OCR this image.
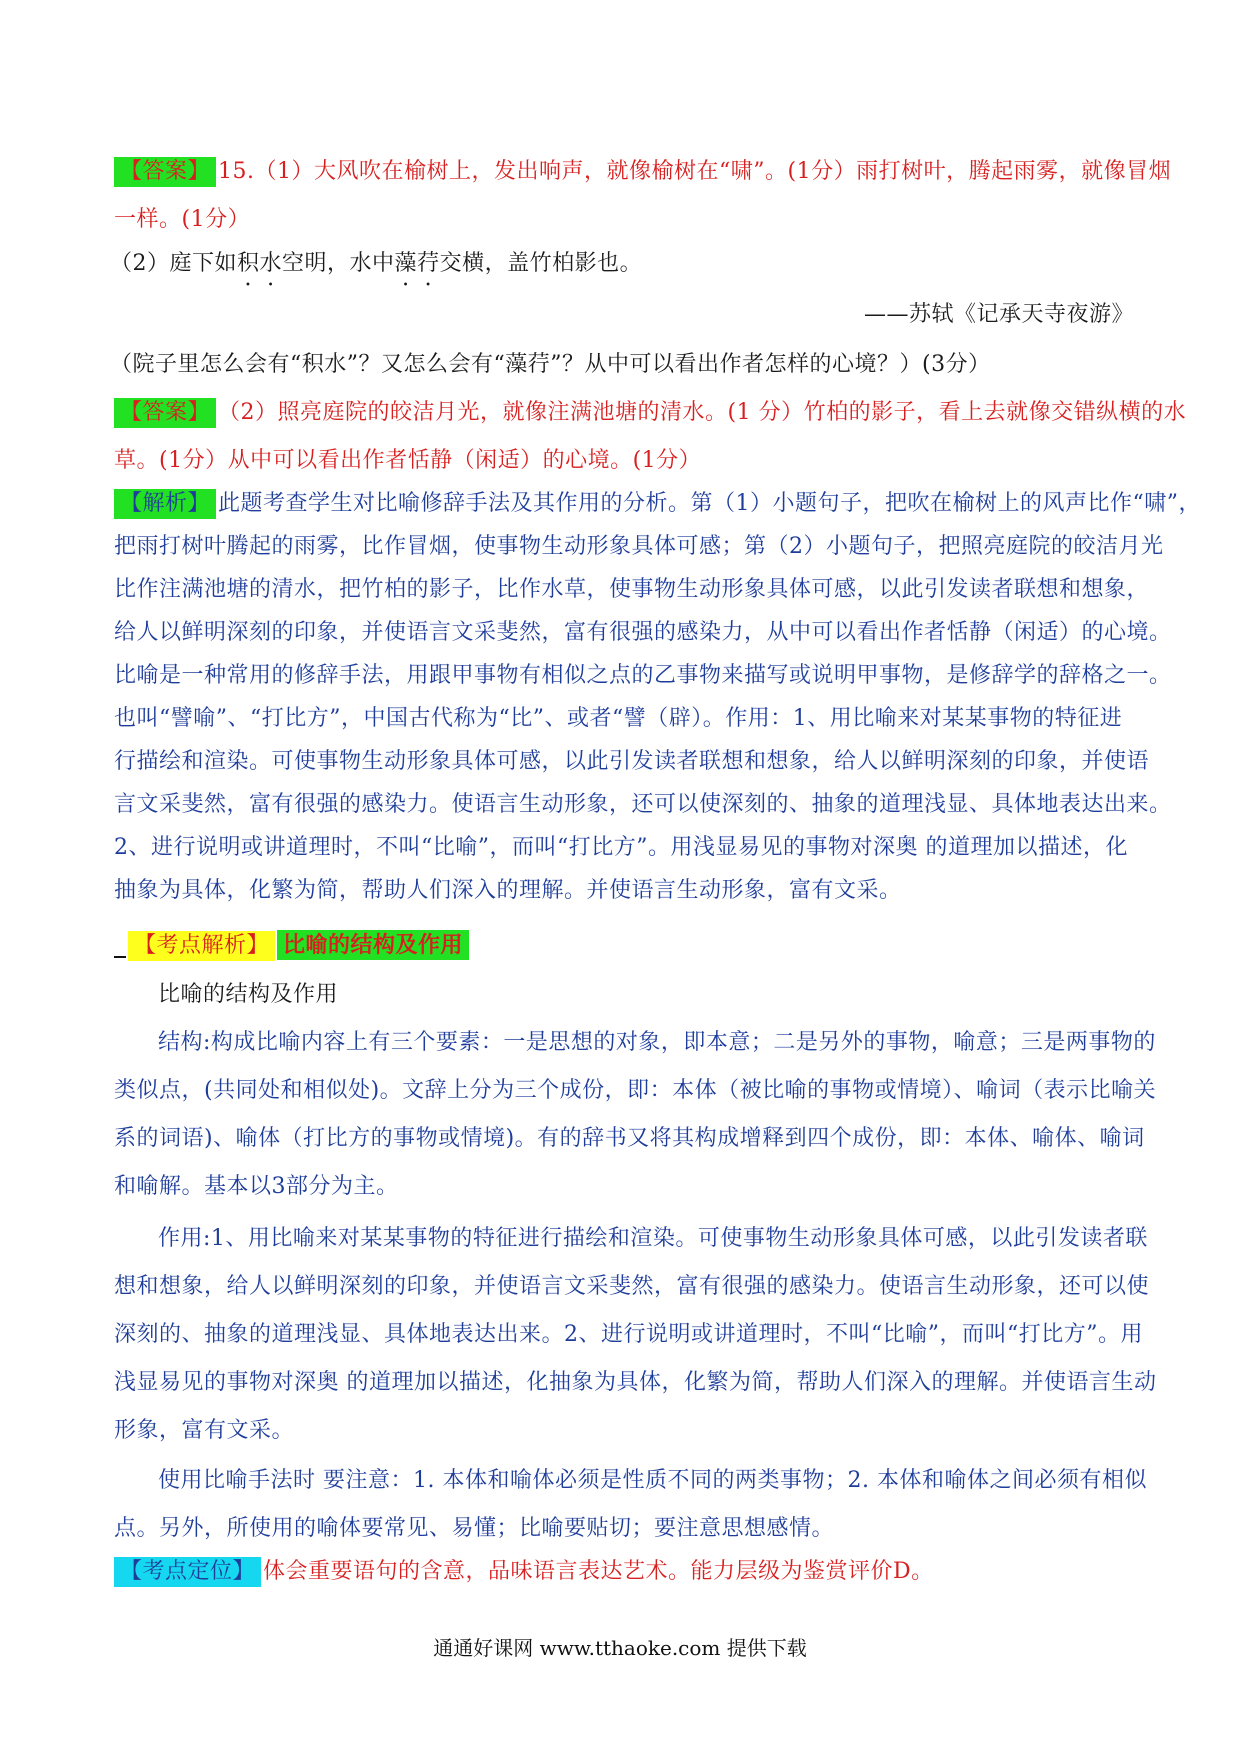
【答案】 15.（1）大风吹在榆树上，发出响声，就像榆树在“啸”。(1分）雨打树叶，腾起雨雾，就像冒烟
一样。(1分）
（2）庭下如积水空明，水中藻荇交横，盖竹柏影也。
——苏轼《记承天寺夜游》
（院子里怎么会有“积水”？又怎么会有“藻荇”？从中可以看出作者怎样的心境？）(3分）
【答案】 （2）照亮庭院的皎洁月光，就像注满池塘的清水。(1 分）竹柏的影子，看上去就像交错纵横的水
草。(1分）从中可以看出作者恬静（闲适）的心境。(1分）
【解析】 此题考查学生对比喻修辞手法及其作用的分析。第（1）小题句子，把吹在榆树上的风声比作“啸”，
把雨打树叶腾起的雨雾，比作冒烟，使事物生动形象具体可感；第（2）小题句子，把照亮庭院的皎洁月光
比作注满池塘的清水，把竹柏的影子，比作水草，使事物生动形象具体可感，以此引发读者联想和想象，
给人以鲜明深刻的印象，并使语言文采斐然，富有很强的感染力，从中可以看出作者恬静（闲适）的心境。
比喻是一种常用的修辞手法，用跟甲事物有相似之点的乙事物来描写或说明甲事物，是修辞学的辞格之一。
也叫“譬喻”、“打比方”，中国古代称为“比”、或者“譬（辟）。作用：1、用比喻来对某某事物的特征进
行描绘和渲染。可使事物生动形象具体可感，以此引发读者联想和想象，给人以鲜明深刻的印象，并使语
言文采斐然，富有很强的感染力。使语言生动形象，还可以使深刻的、抽象的道理浅显、具体地表达出来。
2、进行说明或讲道理时，不叫“比喻”，而叫“打比方”。用浅显易见的事物对深奥 的道理加以描述，化
抽象为具体，化繁为简，帮助人们深入的理解。并使语言生动形象，富有文采。
【考点解析】 比喻的结构及作用
比喻的结构及作用
结构:构成比喻内容上有三个要素：一是思想的对象，即本意；二是另外的事物，喻意；三是两事物的
类似点，(共同处和相似处)。文辞上分为三个成份，即：本体（被比喻的事物或情境）、喻词（表示比喻关
系的词语)、喻体（打比方的事物或情境)。有的辞书又将其构成增释到四个成份，即：本体、喻体、喻词
和喻解。基本以3部分为主。
作用:1、用比喻来对某某事物的特征进行描绘和渲染。可使事物生动形象具体可感，以此引发读者联
想和想象，给人以鲜明深刻的印象，并使语言文采斐然，富有很强的感染力。使语言生动形象，还可以使
深刻的、抽象的道理浅显、具体地表达出来。2、进行说明或讲道理时，不叫“比喻”，而叫“打比方”。用
浅显易见的事物对深奥 的道理加以描述，化抽象为具体，化繁为简，帮助人们深入的理解。并使语言生动
形象，富有文采。
使用比喻手法时 要注意：1. 本体和喻体必须是性质不同的两类事物；2. 本体和喻体之间必须有相似
点。另外，所使用的喻体要常见、易懂；比喻要贴切；要注意思想感情。
【考点定位】 体会重要语句的含意，品味语言表达艺术。能力层级为鉴赏评价D。
通通好课网 www.tthaoke.com 提供下载
